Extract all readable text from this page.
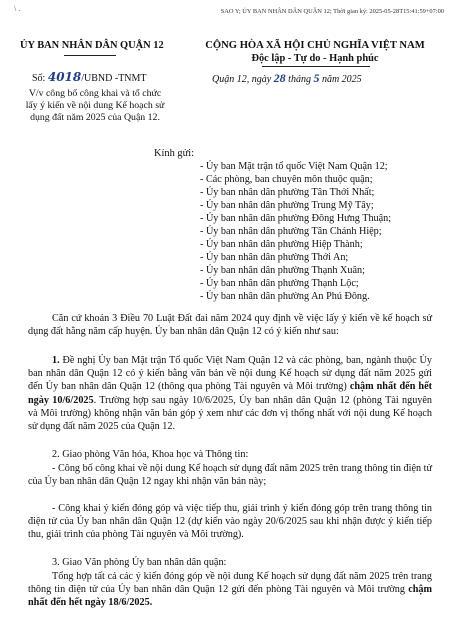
\ .	SAO Y; ỦY BAN NHÂN DÂN QUẬN 12; Thời gian ký: 2025-05-28T15:41:59+07:00
ỦY BAN NHÂN DÂN QUẬN 12	CỘNG HÒA XÃ HỘI CHỦ NGHĨA VIỆT NAM
Độc lập - Tự do - Hạnh phúc
Số: 4018/UBND -TNMT	Quận 12, ngày 28 tháng 5 năm 2025
V/v công bố công khai và tổ chức
lấy ý kiến về nội dung Kế hoạch sử
dụng đất năm 2025 của Quận 12.
Kính gửi:
- Ủy ban Mặt trận tổ quốc Việt Nam Quận 12;
- Các phòng, ban chuyên môn thuộc quận;
- Ủy ban nhân dân phường Tân Thới Nhất;
- Ủy ban nhân dân phường Trung Mỹ Tây;
- Ủy ban nhân dân phường Đông Hưng Thuận;
- Ủy ban nhân dân phường Tân Chánh Hiệp;
- Ủy ban nhân dân phường Hiệp Thành;
- Ủy ban nhân dân phường Thới An;
- Ủy ban nhân dân phường Thạnh Xuân;
- Ủy ban nhân dân phường Thạnh Lộc;
- Ủy ban nhân dân phường An Phú Đông.
Căn cứ khoản 3 Điều 70 Luật Đất đai năm 2024 quy định về việc lấy ý kiến về kế hoạch sử dụng đất hằng năm cấp huyện. Ủy ban nhân dân Quận 12 có ý kiến như sau:
1. Đề nghị Ủy ban Mặt trận Tổ quốc Việt Nam Quận 12 và các phòng, ban, ngành thuộc Ủy ban nhân dân Quận 12 có ý kiến bằng văn bản về nội dung Kế hoạch sử dụng đất năm 2025 gửi đến Ủy ban nhân dân Quận 12 (thông qua phòng Tài nguyên và Môi trường) chậm nhất đến hết ngày 10/6/2025. Trường hợp sau ngày 10/6/2025, Ủy ban nhân dân Quận 12 (phòng Tài nguyên và Môi trường) không nhận văn bản góp ý xem như các đơn vị thống nhất với nội dung Kế hoạch sử dụng đất năm 2025 của Quận 12.
2. Giao phòng Văn hóa, Khoa học và Thông tin:
- Công bố công khai về nội dung Kế hoạch sử dụng đất năm 2025 trên trang thông tin điện tử của Ủy ban nhân dân Quận 12 ngay khi nhận văn bản này;
- Công khai ý kiến đóng góp và việc tiếp thu, giải trình ý kiến đóng góp trên trang thông tin điện tử của Ủy ban nhân dân Quận 12 (dự kiến vào ngày 20/6/2025 sau khi nhận được ý kiến tiếp thu, giải trình của phòng Tài nguyên và Môi trường).
3. Giao Văn phòng Ủy ban nhân dân quận:
Tổng hợp tất cả các ý kiến đóng góp về nội dung Kế hoạch sử dụng đất năm 2025 trên trang thông tin điện tử của Ủy ban nhân dân Quận 12 gửi đến phòng Tài nguyên và Môi trường chậm nhất đến hết ngày 18/6/2025.
